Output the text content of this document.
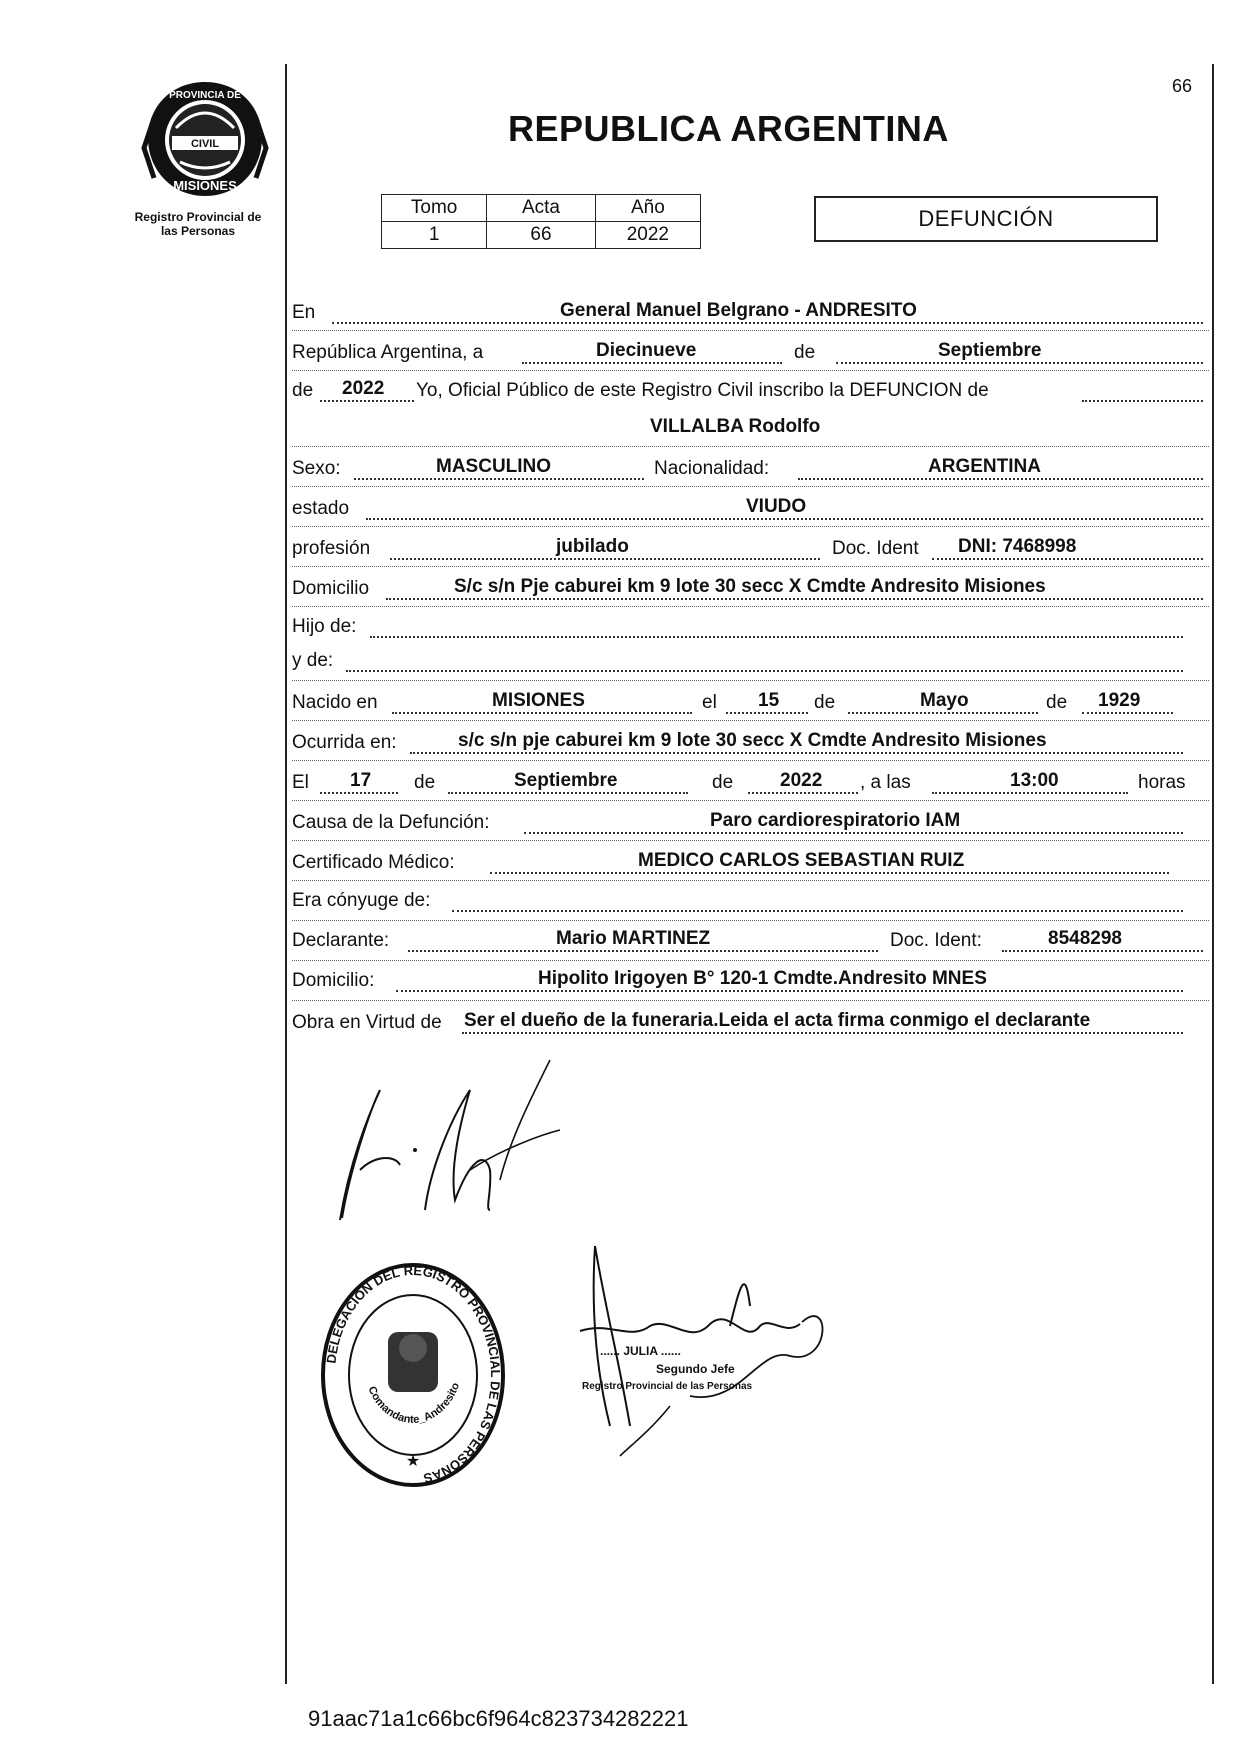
66
PROVINCIA DE
CIVIL
MISIONES
Registro Provincial de
las Personas
REPUBLICA ARGENTINA
Tomo	Acta	Año
1	66	2022
DEFUNCIÓN
En	General Manuel Belgrano - ANDRESITO
República Argentina, a	Diecinueve	de	Septiembre
de 2022 Yo, Oficial Público de este Registro Civil inscribo la DEFUNCION de
VILLALBA Rodolfo
Sexo:	MASCULINO	Nacionalidad:	ARGENTINA
estado	VIUDO
profesión	jubilado	Doc. Ident DNI: 7468998
Domicilio	S/c s/n Pje caburei km 9 lote 30 secc X Cmdte Andresito Misiones
Hijo de:
y de:
Nacido en	MISIONES	el 15 de	Mayo	de 1929
Ocurrida en:	s/c s/n pje caburei km 9 lote 30 secc X Cmdte Andresito Misiones
El 17 de	Septiembre	de 2022 , a las	13:00	horas
Causa de la Defunción:	Paro cardiorespiratorio IAM
Certificado Médico:	MEDICO CARLOS SEBASTIAN RUIZ
Era cónyuge de:
Declarante:	Mario MARTINEZ	Doc. Ident:	8548298
Domicilio:	Hipolito Irigoyen B° 120-1 Cmdte.Andresito MNES
Obra en Virtud de Ser el dueño de la funeraria.Leida el acta firma conmigo el declarante
DELEGACION DEL REGISTRO PROVINCIAL DE LAS PERSONAS
Comandante_Andresito
★
...... JULIA ......
Segundo Jefe
Registro Provincial de las Personas
91aac71a1c66bc6f964c823734282221
